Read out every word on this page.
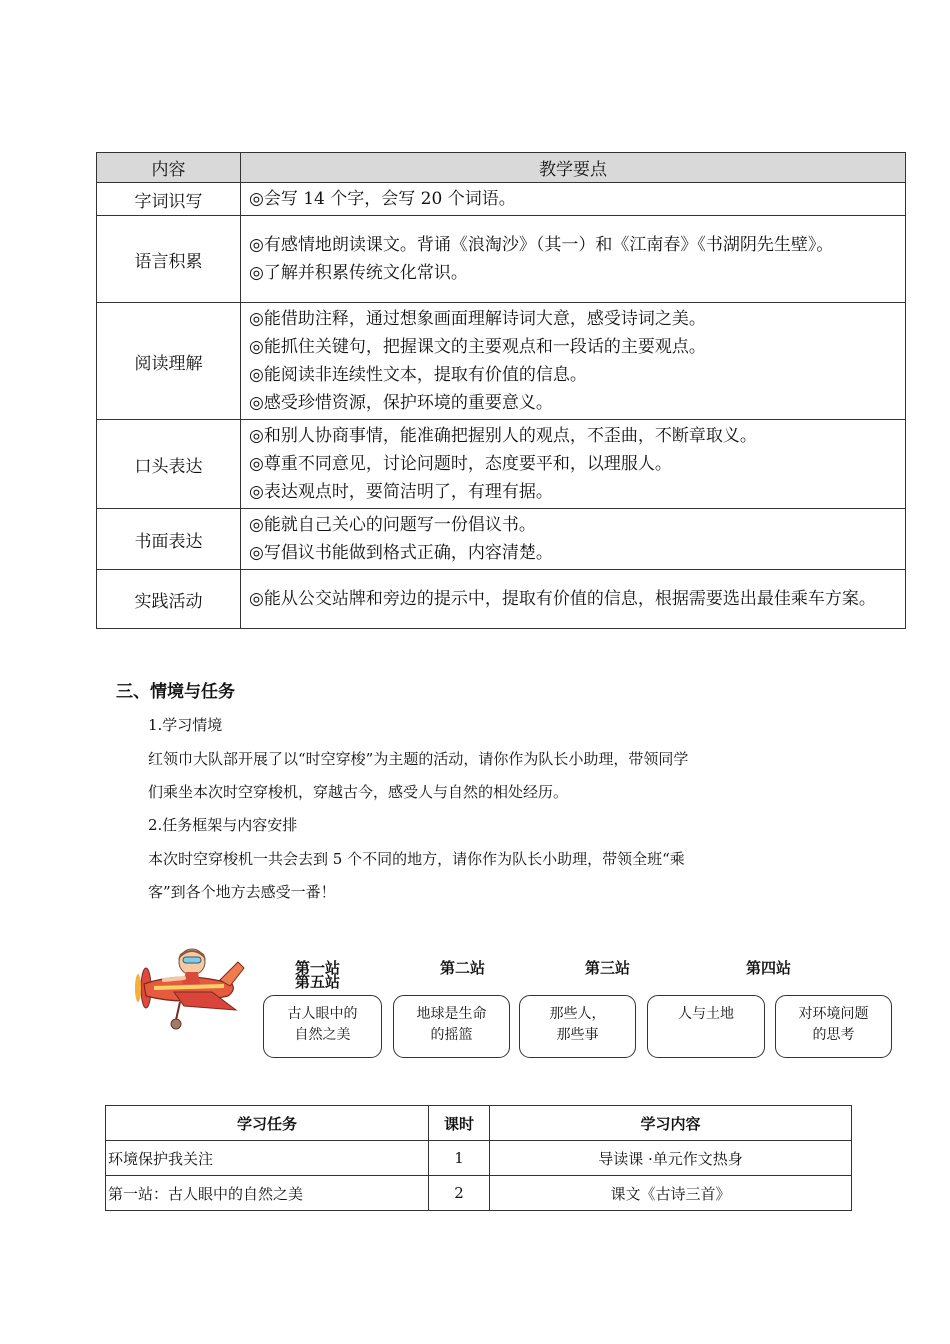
内容	教学要点
字词识写	◎会写 14 个字，会写 20 个词语。

语言积累	◎有感情地朗读课文。背诵《浪淘沙》（其一）和《江南春》《书湖阴先生壁》。
◎了解并积累传统文化常识。

阅读理解	◎能借助注释，通过想象画面理解诗词大意，感受诗词之美。
◎能抓住关键句，把握课文的主要观点和一段话的主要观点。
◎能阅读非连续性文本，提取有价值的信息。
◎感受珍惜资源，保护环境的重要意义。

口头表达	◎和别人协商事情，能准确把握别人的观点，不歪曲，不断章取义。
◎尊重不同意见，讨论问题时，态度要平和，以理服人。
◎表达观点时，要简洁明了，有理有据。

书面表达	◎能就自己关心的问题写一份倡议书。
◎写倡议书能做到格式正确，内容清楚。

实践活动	◎能从公交站牌和旁边的提示中，提取有价值的信息，根据需要选出最佳乘车方案。
三、情境与任务
1.学习情境
红领巾大队部开展了以“时空穿梭”为主题的活动，请你作为队长小助理，带领同学
们乘坐本次时空穿梭机，穿越古今，感受人与自然的相处经历。
2.任务框架与内容安排
本次时空穿梭机一共会去到 5 个不同的地方，请你作为队长小助理，带领全班“乘
客”到各个地方去感受一番！
第一站
第五站
第二站	第三站	第四站
古人眼中的
自然之美
地球是生命
的摇篮
那些人，
那些事
人与土地	对环境问题
的思考
学习任务	课时	学习内容
环境保护我关注	1	导读课 ·单元作文热身
第一站：古人眼中的自然之美	2	课文《古诗三首》
